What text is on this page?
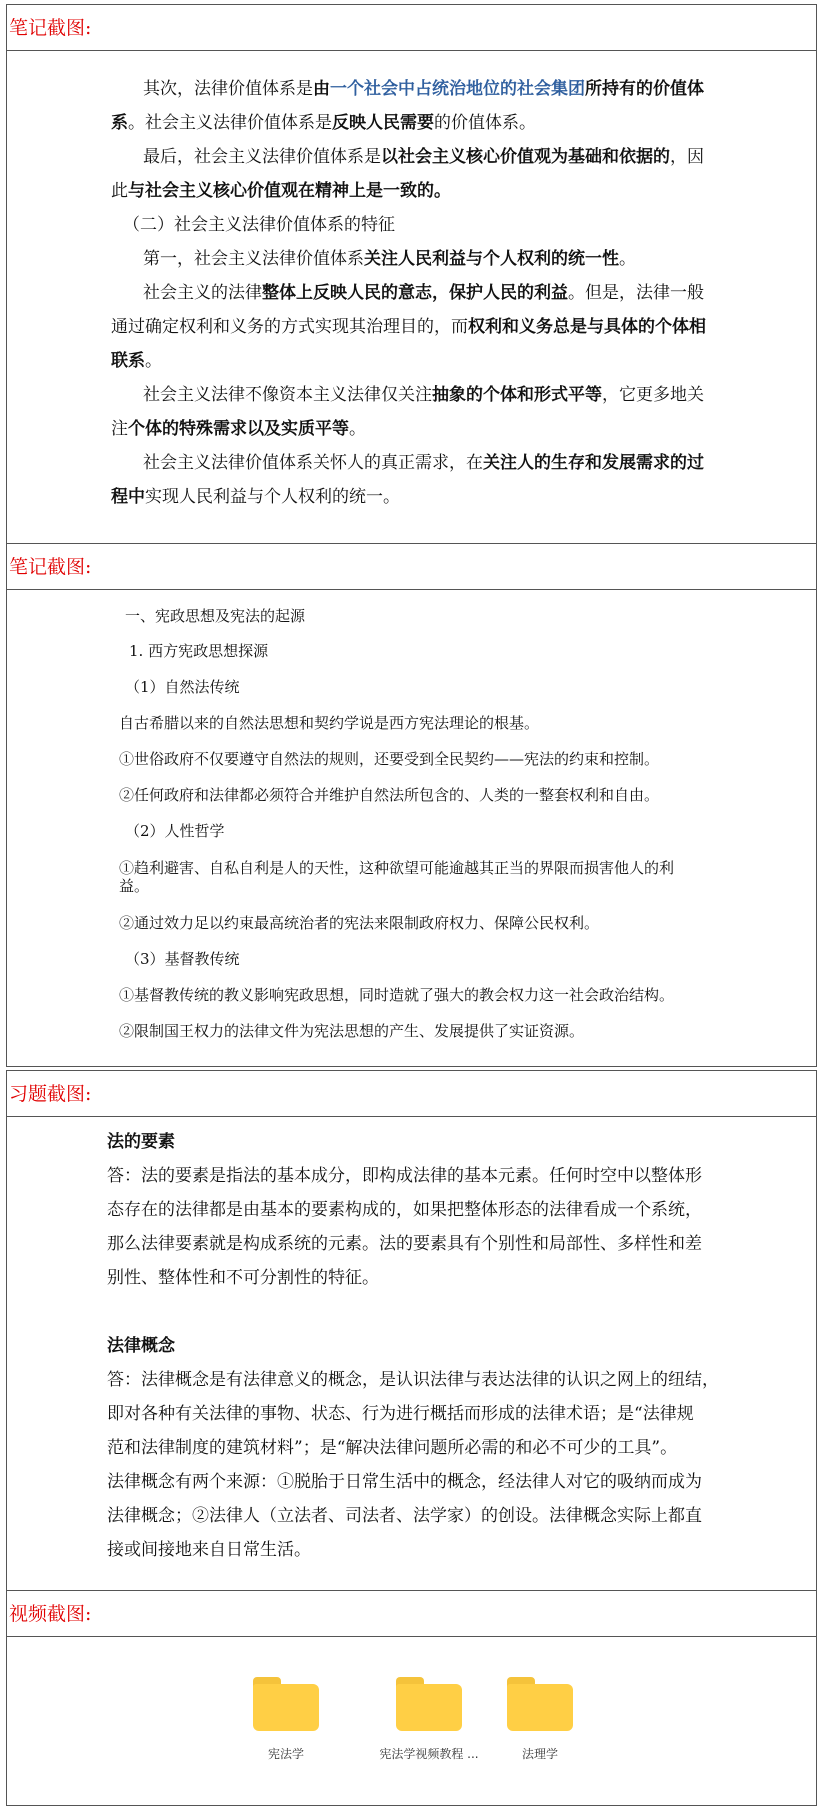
笔记截图:

其次，法律价值体系是由一个社会中占统治地位的社会集团所持有的价值体

系。社会主义法律价值体系是反映人民需要的价值体系。

最后，社会主义法律价值体系是以社会主义核心价值观为基础和依据的，因

此与社会主义核心价值观在精神上是一致的。

（二）社会主义法律价值体系的特征

第一，社会主义法律价值体系关注人民利益与个人权利的统一性。

社会主义的法律整体上反映人民的意志，保护人民的利益。但是，法律一般

通过确定权利和义务的方式实现其治理目的，而权利和义务总是与具体的个体相

联系。

社会主义法律不像资本主义法律仅关注抽象的个体和形式平等，它更多地关

注个体的特殊需求以及实质平等。

社会主义法律价值体系关怀人的真正需求，在关注人的生存和发展需求的过

程中实现人民利益与个人权利的统一。

笔记截图:

一、宪政思想及宪法的起源

1. 西方宪政思想探源

（1）自然法传统

自古希腊以来的自然法思想和契约学说是西方宪法理论的根基。

①世俗政府不仅要遵守自然法的规则，还要受到全民契约——宪法的约束和控制。

②任何政府和法律都必须符合并维护自然法所包含的、人类的一整套权利和自由。

（2）人性哲学

①趋利避害、自私自利是人的天性，这种欲望可能逾越其正当的界限而损害他人的利

益。

②通过效力足以约束最高统治者的宪法来限制政府权力、保障公民权利。

（3）基督教传统

①基督教传统的教义影响宪政思想，同时造就了强大的教会权力这一社会政治结构。

②限制国王权力的法律文件为宪法思想的产生、发展提供了实证资源。

习题截图:

法的要素

答：法的要素是指法的基本成分，即构成法律的基本元素。任何时空中以整体形

态存在的法律都是由基本的要素构成的，如果把整体形态的法律看成一个系统，

那么法律要素就是构成系统的元素。法的要素具有个别性和局部性、多样性和差

别性、整体性和不可分割性的特征。

法律概念

答：法律概念是有法律意义的概念，是认识法律与表达法律的认识之网上的纽结，

即对各种有关法律的事物、状态、行为进行概括而形成的法律术语；是“法律规

范和法律制度的建筑材料”；是“解决法律问题所必需的和必不可少的工具”。

法律概念有两个来源：①脱胎于日常生活中的概念，经法律人对它的吸纳而成为

法律概念；②法律人（立法者、司法者、法学家）的创设。法律概念实际上都直

接或间接地来自日常生活。

视频截图:
宪法学	宪法学视频教程 ...	法理学
